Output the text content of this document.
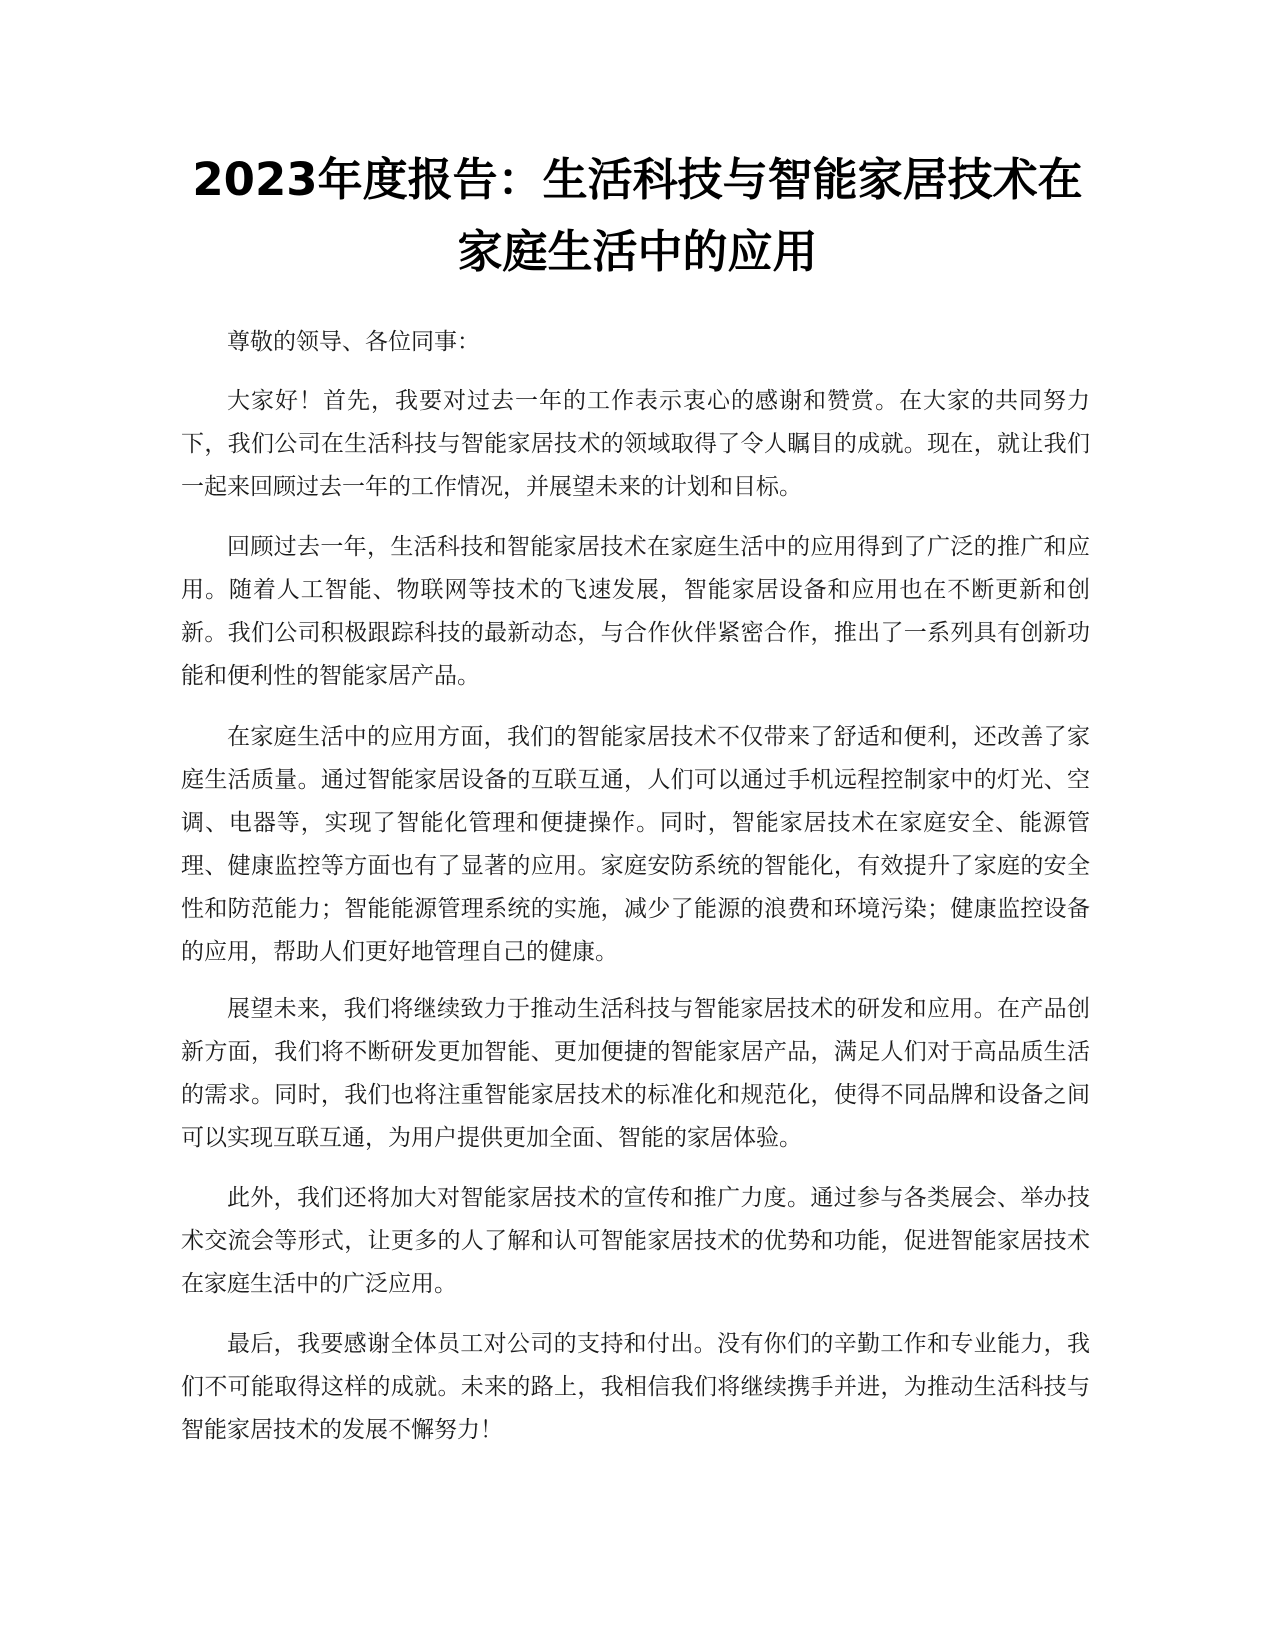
2023年度报告：生活科技与智能家居技术在
家庭生活中的应用

尊敬的领导、各位同事：

大家好！首先，我要对过去一年的工作表示衷心的感谢和赞赏。在大家的共同努力下，我们公司在生活科技与智能家居技术的领域取得了令人瞩目的成就。现在，就让我们一起来回顾过去一年的工作情况，并展望未来的计划和目标。

回顾过去一年，生活科技和智能家居技术在家庭生活中的应用得到了广泛的推广和应用。随着人工智能、物联网等技术的飞速发展，智能家居设备和应用也在不断更新和创新。我们公司积极跟踪科技的最新动态，与合作伙伴紧密合作，推出了一系列具有创新功能和便利性的智能家居产品。

在家庭生活中的应用方面，我们的智能家居技术不仅带来了舒适和便利，还改善了家庭生活质量。通过智能家居设备的互联互通，人们可以通过手机远程控制家中的灯光、空调、电器等，实现了智能化管理和便捷操作。同时，智能家居技术在家庭安全、能源管理、健康监控等方面也有了显著的应用。家庭安防系统的智能化，有效提升了家庭的安全性和防范能力；智能能源管理系统的实施，减少了能源的浪费和环境污染；健康监控设备的应用，帮助人们更好地管理自己的健康。

展望未来，我们将继续致力于推动生活科技与智能家居技术的研发和应用。在产品创新方面，我们将不断研发更加智能、更加便捷的智能家居产品，满足人们对于高品质生活的需求。同时，我们也将注重智能家居技术的标准化和规范化，使得不同品牌和设备之间可以实现互联互通，为用户提供更加全面、智能的家居体验。

此外，我们还将加大对智能家居技术的宣传和推广力度。通过参与各类展会、举办技术交流会等形式，让更多的人了解和认可智能家居技术的优势和功能，促进智能家居技术在家庭生活中的广泛应用。

最后，我要感谢全体员工对公司的支持和付出。没有你们的辛勤工作和专业能力，我们不可能取得这样的成就。未来的路上，我相信我们将继续携手并进，为推动生活科技与智能家居技术的发展不懈努力！
